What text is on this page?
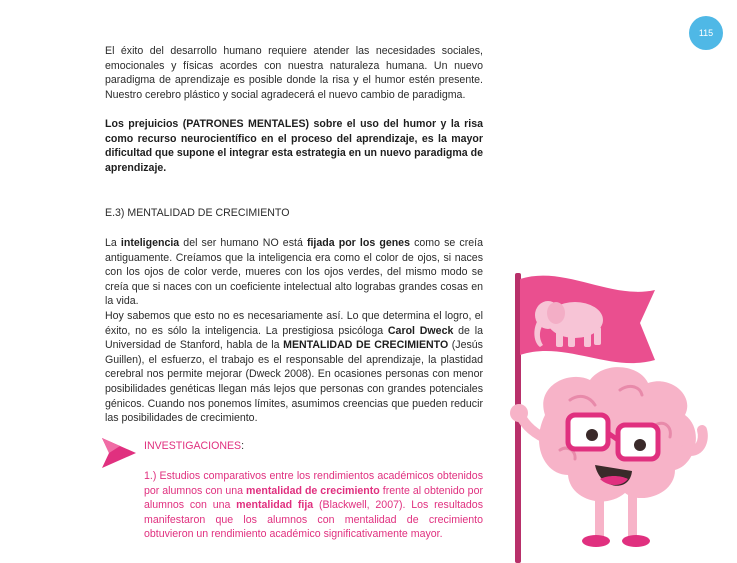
115
El éxito del desarrollo humano requiere atender las necesidades sociales, emocionales y físicas acordes con nuestra naturaleza humana. Un nuevo paradigma de aprendizaje es posible donde la risa y el humor estén presente. Nuestro cerebro plástico y social agradecerá el nuevo cambio de paradigma.
Los prejuicios (PATRONES MENTALES) sobre el uso del humor y la risa como recurso neurocientífico en el proceso del aprendizaje, es la mayor dificultad que supone el integrar esta estrategia en un nuevo paradigma de aprendizaje.
E.3) MENTALIDAD DE CRECIMIENTO
La inteligencia del ser humano NO está fijada por los genes como se creía antiguamente. Creíamos que la inteligencia era como el color de ojos, si naces con los ojos de color verde, mueres con los ojos verdes, del mismo modo se creía que si naces con un coeficiente intelectual alto lograbas grandes cosas en la vida.
Hoy sabemos que esto no es necesariamente así. Lo que determina el logro, el éxito, no es sólo la inteligencia. La prestigiosa psicóloga Carol Dweck de la Universidad de Stanford, habla de la MENTALIDAD DE CRECIMIENTO (Jesús Guillen), el esfuerzo, el trabajo es el responsable del aprendizaje, la plastidad cerebral nos permite mejorar (Dweck 2008). En ocasiones personas con menor posibilidades genéticas llegan más lejos que personas con grandes potenciales génicos. Cuando nos ponemos límites, asumimos creencias que pueden reducir las posibilidades de crecimiento.
INVESTIGACIONES:
1.) Estudios comparativos entre los rendimientos académicos obtenidos por alumnos con una mentalidad de crecimiento frente al obtenido por alumnos con una mentalidad fija (Blackwell, 2007). Los resultados manifestaron que los alumnos con mentalidad de crecimiento obtuvieron un rendimiento académico significativamente mayor.
